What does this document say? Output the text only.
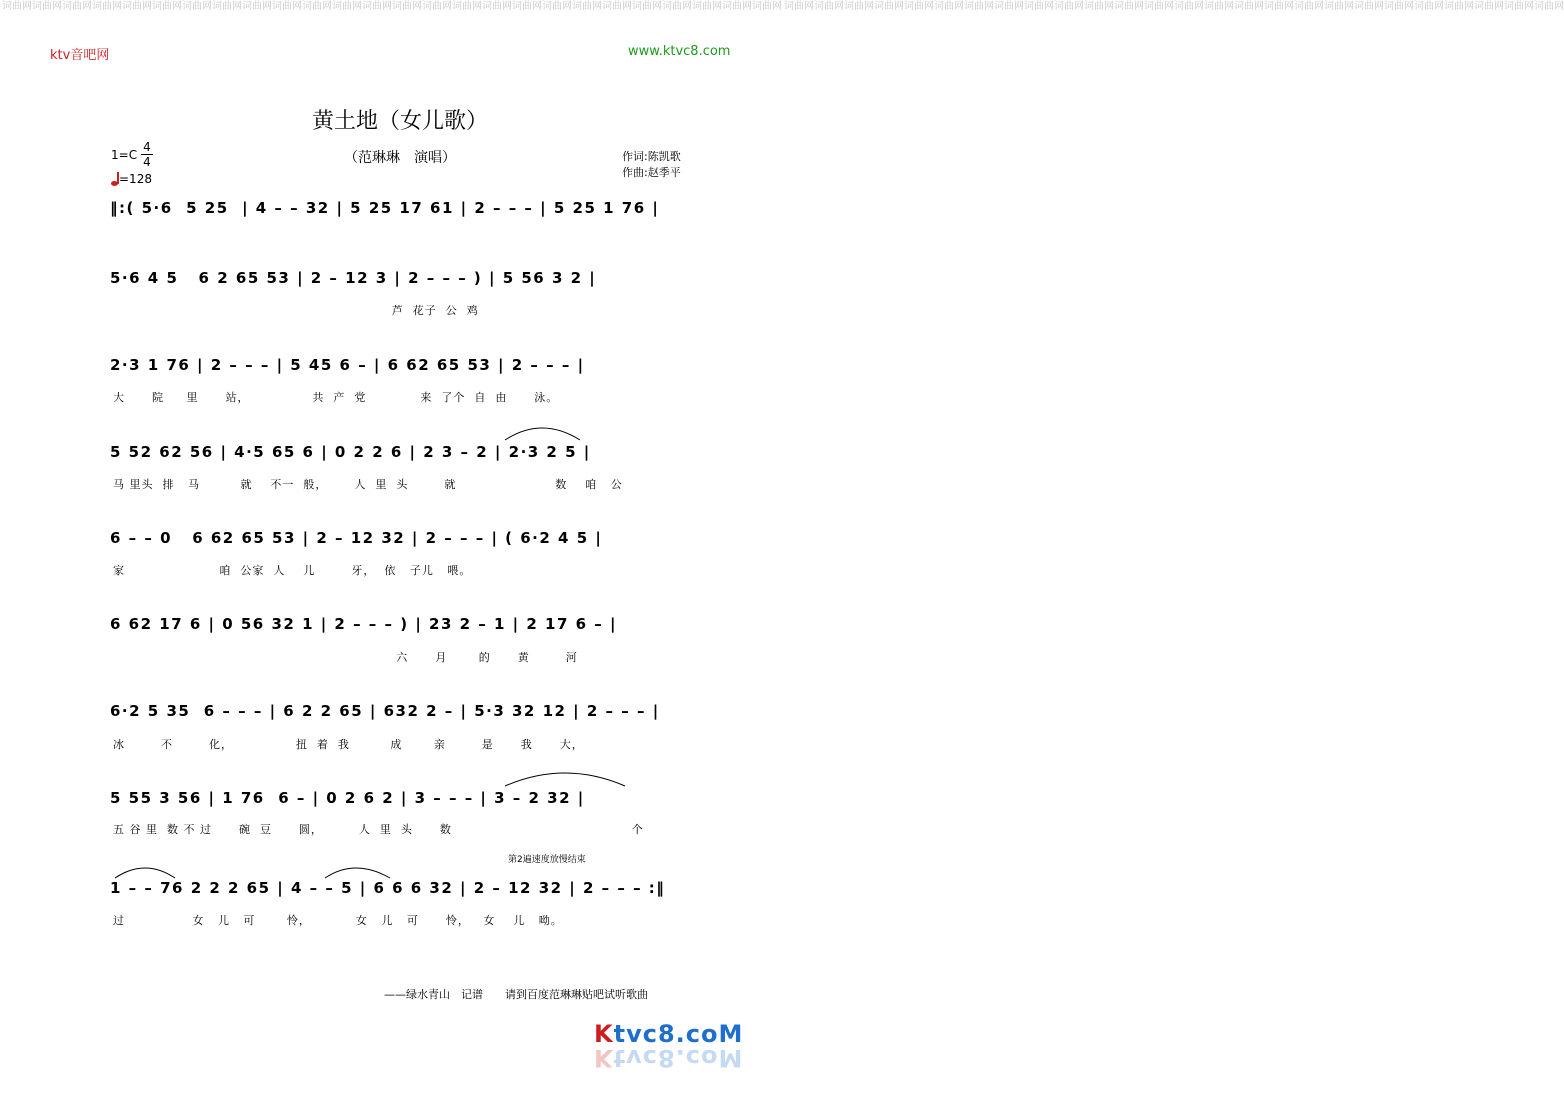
词曲网词曲网词曲网词曲网词曲网词曲网词曲网词曲网词曲网词曲网词曲网词曲网词曲网词曲网词曲网词曲网词曲网词曲网词曲网词曲网词曲网词曲网词曲网词曲网词曲网词曲网 词曲网词曲网词曲网词曲网词曲网词曲网词曲网词曲网词曲网词曲网词曲网词曲网词曲网词曲网词曲网词曲网词曲网词曲网词曲网词曲网词曲网词曲网词曲网词曲网词曲网词曲网
ktv音吧网	www.ktvc8.com
黄土地（女儿歌）
（范琳琳　演唱）
1=C
4
4
=128
作词:陈凯歌
作曲:赵季平
‖:( 5·6  5 25  | 4 – – 32 | 5 25 17 61 | 2 – – – | 5 25 1 76 |
5·6 4 5   6 2 65 53 | 2 – 12 3 | 2 – – – ) | 5 56 3 2 |
芦  花子  公  鸡
2·3 1 76 | 2 – – – | 5 45 6 – | 6 62 65 53 | 2 – – – |
大      院     里      站，              共  产  党            来  了个  自  由      泳。
5 52 62 56 | 4·5 65 6 | 0 2 2 6 | 2 3 – 2 | 2·3 2 5 |
马 里头  排   马         就    不一  般，      人  里  头        就                      数    咱   公
6 – – 0   6 62 65 53 | 2 – 12 32 | 2 – – – | ( 6·2 4 5 |
家                     咱  公家  人    儿        牙，  依   子儿   喂。
6 62 17 6 | 0 56 32 1 | 2 – – – ) | 23 2 – 1 | 2 17 6 – |
六      月       的      黄        河
6·2 5 35  6 – – – | 6 2 2 65 | 632 2 – | 5·3 32 12 | 2 – – – |
冰        不        化，              扭  着  我         成       亲        是      我      大，
5 55 3 56 | 1 76  6 – | 0 2 6 2 | 3 – – – | 3 – 2 32 |
五 谷 里  数 不 过      碗  豆      圆，        人  里  头      数                                        个
第2遍速度放慢结束
1 – – 76 2 2 2 65 | 4 – – 5 | 6 6 6 32 | 2 – 12 32 | 2 – – – :‖
过               女   儿   可       怜，          女   儿   可      怜，   女    儿   呦。
——绿水青山　记谱　　请到百度范琳琳贴吧试听歌曲
Ktvc8.coM
Ktvc8.coM
